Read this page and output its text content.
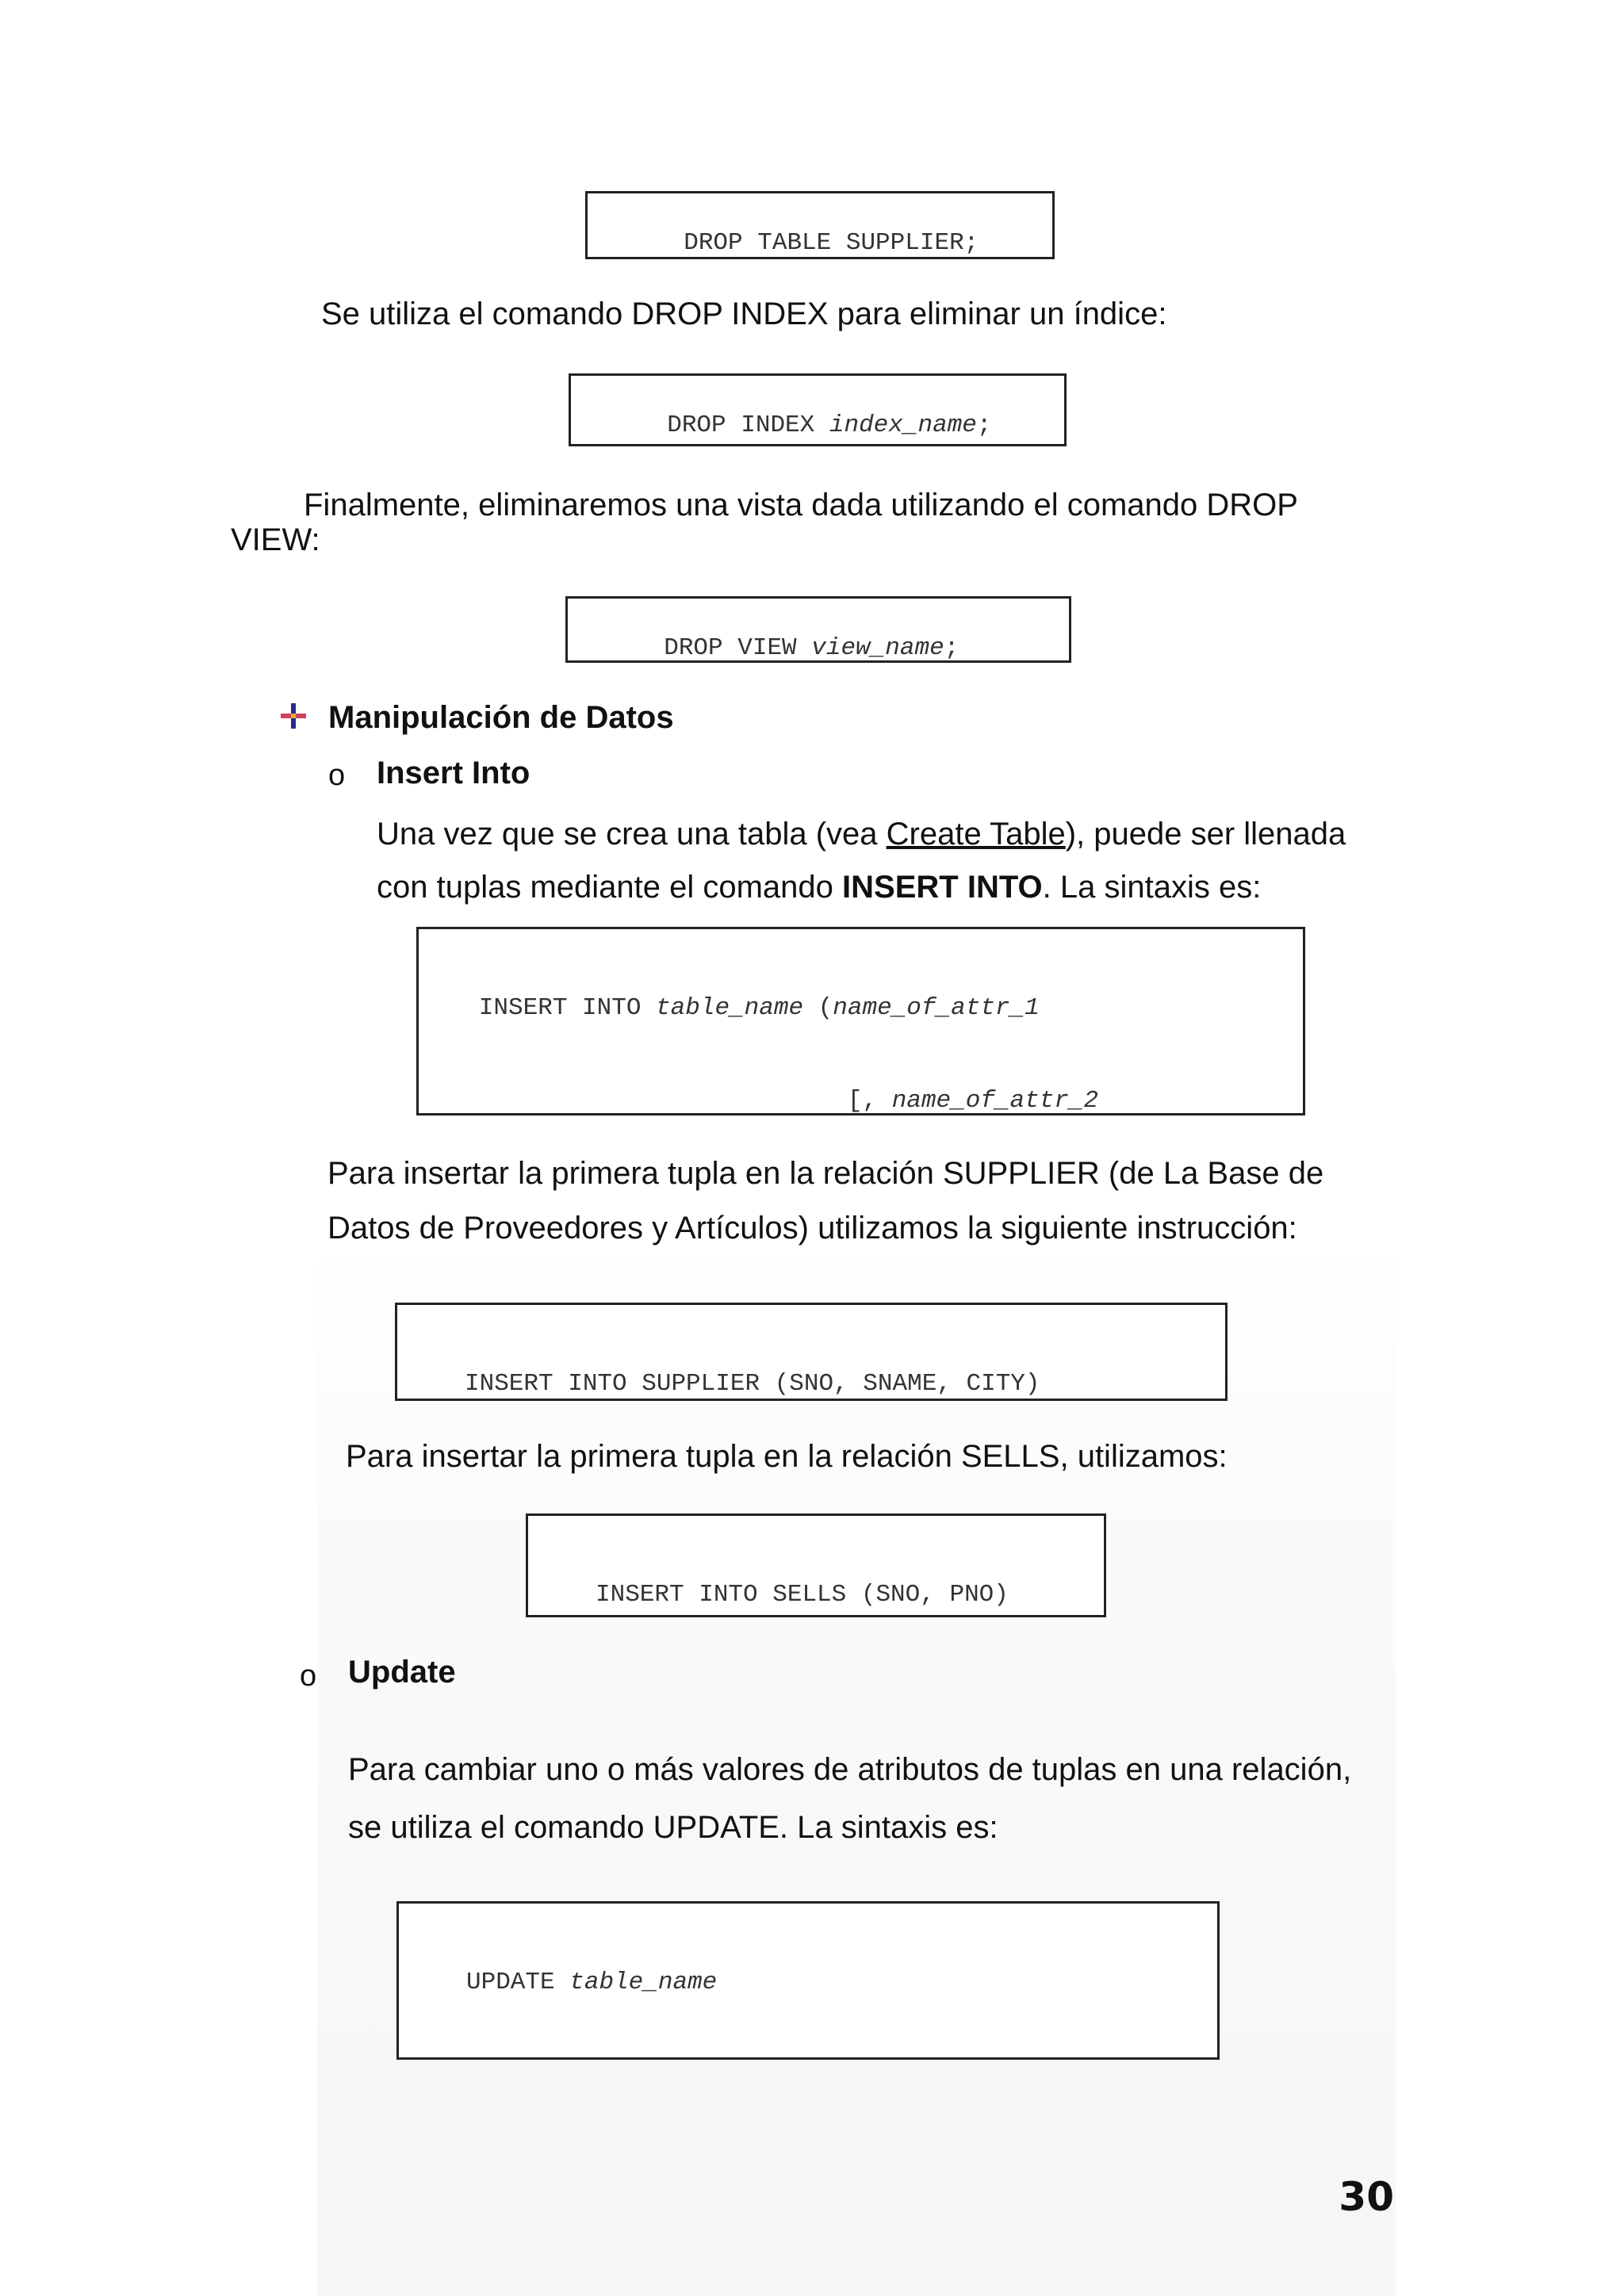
DROP TABLE SUPPLIER;

Se utiliza el comando DROP INDEX para eliminar un índice:

DROP INDEX index_name;

Finalmente, eliminaremos una vista dada utilizando el comando DROP
VIEW:

DROP VIEW view_name;

Manipulación de Datos
o Insert Into
Una vez que se crea una tabla (vea Create Table), puede ser llenada
con tuplas mediante el comando INSERT INTO. La sintaxis es:

INSERT INTO table_name (name_of_attr_1

[, name_of_attr_2

Para insertar la primera tupla en la relación SUPPLIER (de La Base de
Datos de Proveedores y Artículos) utilizamos la siguiente instrucción:

INSERT INTO SUPPLIER (SNO, SNAME, CITY)

Para insertar la primera tupla en la relación SELLS, utilizamos:

INSERT INTO SELLS (SNO, PNO)

o Update
Para cambiar uno o más valores de atributos de tuplas en una relación,
se utiliza el comando UPDATE. La sintaxis es:

UPDATE table_name

30
